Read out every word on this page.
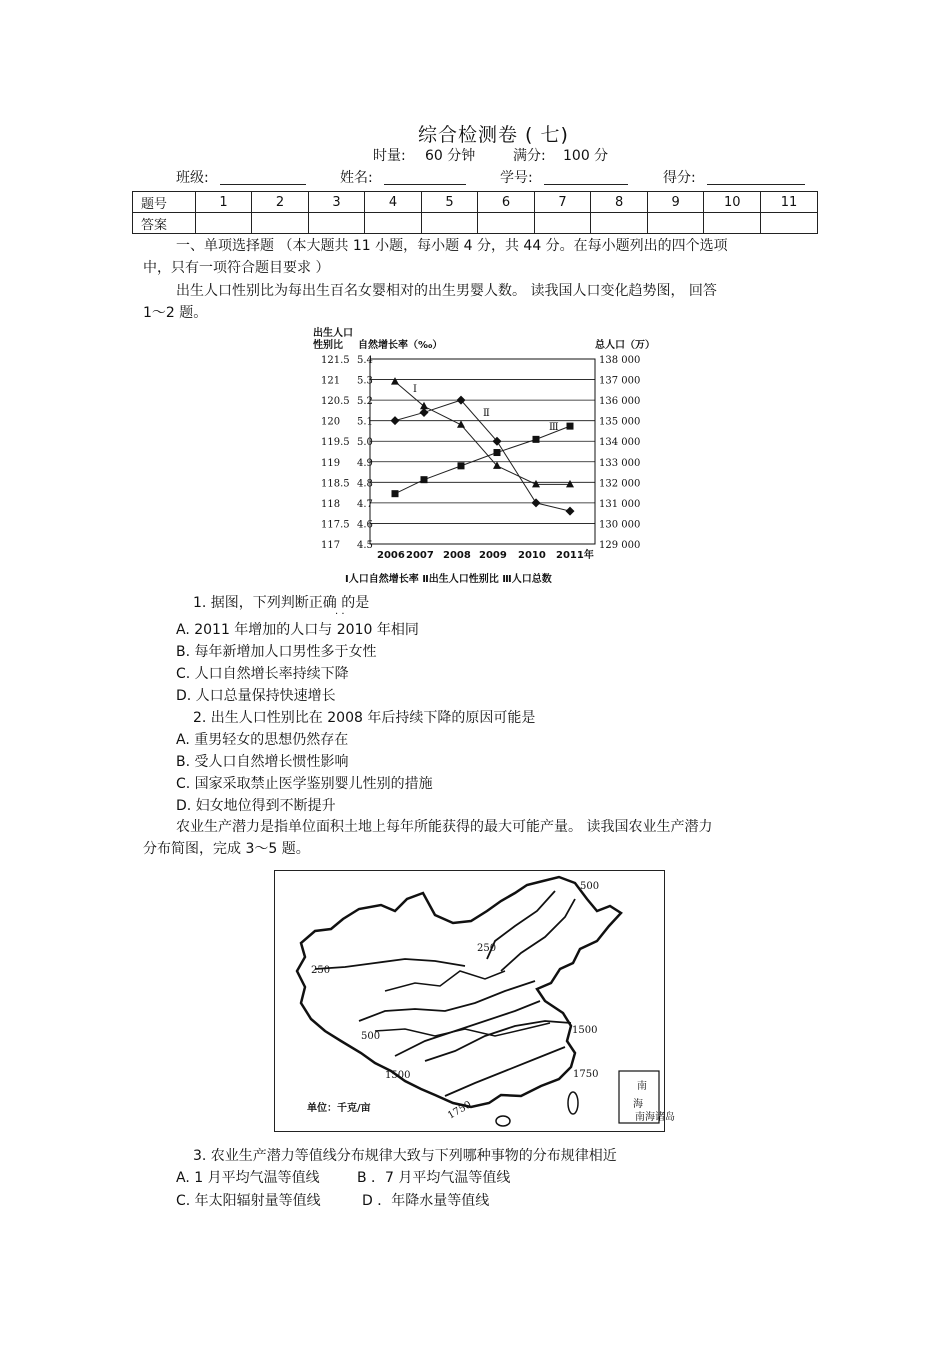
综合检测卷 ( 七)
时量: 60 分钟	满分: 100 分
班级:	姓名:	学号:	得分:
题号	1	2	3	4	5	6	7	8	9	10	11
答案											
一、单项选择题 （本大题共 11 小题，每小题 4 分，共 44 分。在每小题列出的四个选项
中，只有一项符合题目要求 ）
出生人口性别比为每出生百名女婴相对的出生男婴人数。 读我国人口变化趋势图， 回答
1～2 题。
出生人口
性别比 自然增长率（‰）	总人口（万）
121.5 5.4	138 000
121 5.3	137 000
120.5 5.2	136 000
120 5.1	135 000
119.5 5.0	134 000
119 4.9	133 000
118.5 4.8	132 000
118 4.7	131 000
117.5 4.6	130 000
117 4.5	129 000
2006 2007 2008 2009 2010 2011年
Ⅰ人口自然增长率 Ⅱ出生人口性别比 Ⅲ人口总数
Ⅰ
Ⅱ
Ⅲ
1. 据图，下列判断正确 的是
· ·
A. 2011 年增加的人口与 2010 年相同
B. 每年新增加人口男性多于女性
C. 人口自然增长率持续下降
D. 人口总量保持快速增长
2. 出生人口性别比在 2008 年后持续下降的原因可能是
A. 重男轻女的思想仍然存在
B. 受人口自然增长惯性影响
C. 国家采取禁止医学鉴别婴儿性别的措施
D. 妇女地位得到不断提升
农业生产潜力是指单位面积土地上每年所能获得的最大可能产量。 读我国农业生产潜力
分布简图，完成 3～5 题。
500
250
250
1500
500
1500	1750
1750
单位：千克/亩
南
海
南海诸岛
3. 农业生产潜力等值线分布规律大致与下列哪种事物的分布规律相近
A. 1 月平均气温等值线	B ．7 月平均气温等值线
C. 年太阳辐射量等值线	D ．年降水量等值线
